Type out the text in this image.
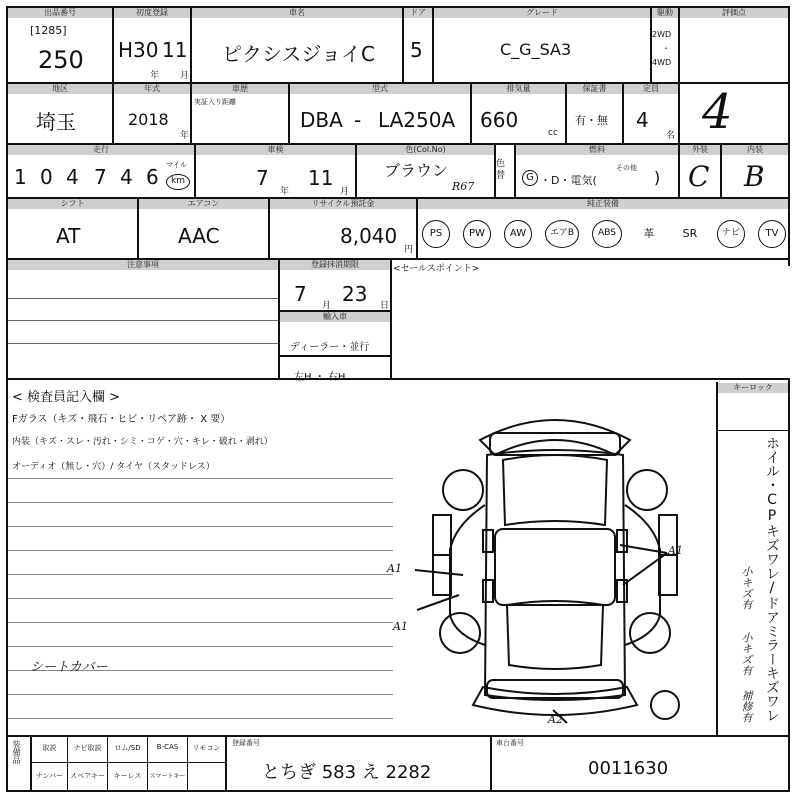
出品番号
[1285]
250
初度登録
H30 11
年 月
車名
ピクシスジョイC
ドア
5
グレード
C_G_SA3
駆動
2WD
・
4WD
評価点
4
地区
埼玉
年式
2018
年
車歴
実証入り距離
型式
DBA - LA250A
排気量
660
cc
保証書
有・無
定員
4
名
走行
1 0 4 7 4 6 マイル
km
車検
7
年
11
月
色(Col.No)
ブラウン
R67
色替
燃料
G ・D・電気(
その他 )
外装
C
内装
B
シフト
AT
エアコン
AAC
リサイクル預託金
8,040
円
純正装備
PS	PW	AW	エアB	ABS	革	SR	ナビ	TV
注意事項	登録抹消期限
7 月 23 日
輸入車
ディーラー・並行
左H ・ 右H
<セールスポイント>
< 検査員記入欄 >
Fガラス（キズ・飛石・ヒビ・リペア跡・ X 要）
内装（キズ・スレ・汚れ・シミ・コゲ・穴・キレ・破れ・剥れ）
オーディオ（無し・穴）/ タイヤ（スタッドレス）
シートカバー
A1
A1
A1
A2
キーロック
ホイル・CPキズワレ/ドアミラーキズワレ
小キズ有
小キズ有
補修有
装備品	取説	ナビ取説	ロム/SD	B-CAS	リモコン
ナンバー	スペアキー	キーレス	スマートキー
登録番号
とちぎ 583 え 2282
車台番号
0011630
